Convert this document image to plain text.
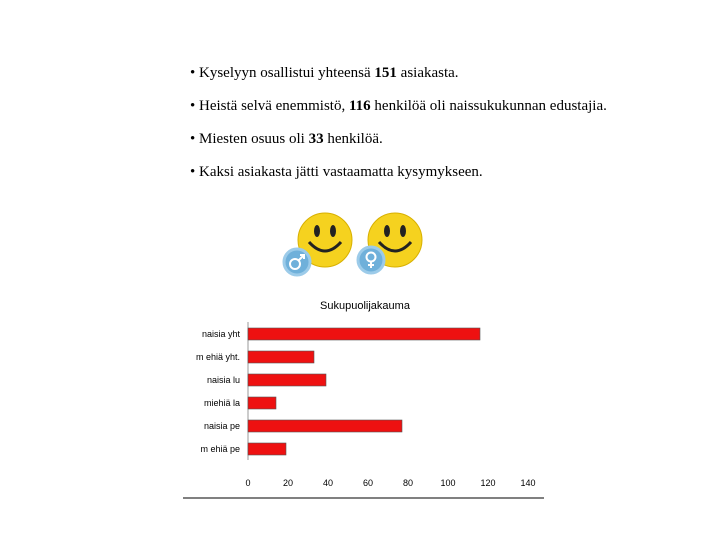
• Kyselyyn osallistui yhteensä 151 asiakasta.
• Heistä selvä enemmistö, 116 henkilöä oli naissukukunnan edustajia.
• Miesten osuus oli 33 henkilöä.
• Kaksi asiakasta jätti vastaamatta kysymykseen.
Sukupuolijakauma
naisia yht
m ehiä yht.
naisia lu
miehiä la
naisia pe
m ehiä pe
0	20	40	60	80	100	120	140
